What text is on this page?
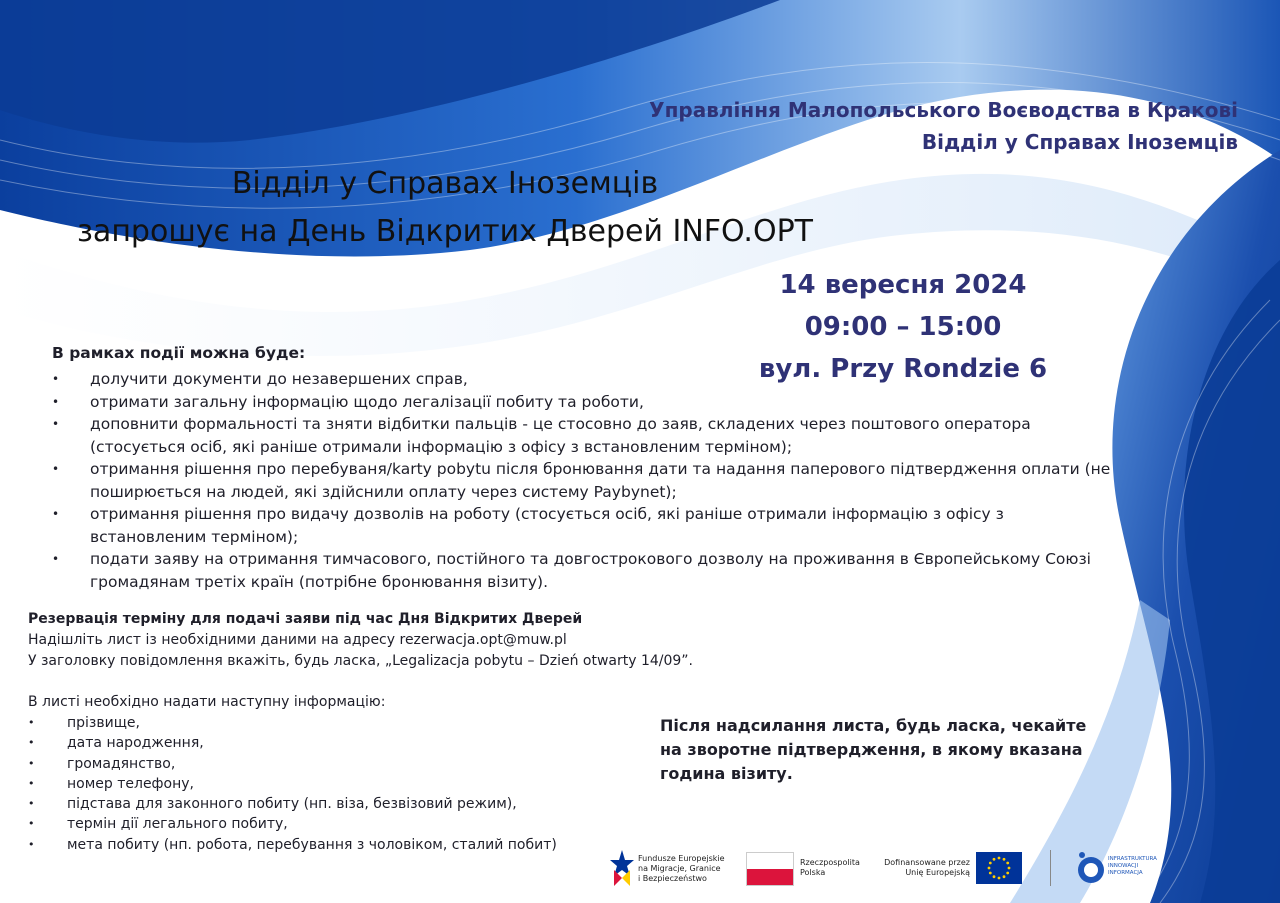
Управління Малопольського Воєводства в Кракові
Відділ у Справах Іноземців
Відділ у Справах Іноземців
запрошує на День Відкритих Дверей INFO.OPT
14 вересня 2024
09:00 – 15:00
вул. Przy Rondzie 6
В рамках події можна буде:
• долучити документи до незавершених справ,
• отримати загальну інформацію щодо легалізації побиту та роботи,
• доповнити формальності та зняти відбитки пальців - це стосовно до заяв, складених через поштового оператора (стосується осіб, які раніше отримали інформацію з офісу з встановленим терміном);
• отримання рішення про перебуваня/karty pobytu після бронювання дати та надання паперового підтвердження оплати (не поширюється на людей, які здійснили оплату через систему Paybynet);
• отримання рішення про видачу дозволів на роботу (стосується осіб, які раніше отримали інформацію з офісу з встановленим терміном);
• подати заяву на отримання тимчасового, постійного та довгострокового дозволу на проживання в Європейському Союзі громадянам третіх країн (потрібне бронювання візиту).
Резервація терміну для подачі заяви під час Дня Відкритих Дверей
Надішліть лист із необхідними даними на адресу rezerwacja.opt@muw.pl
У заголовку повідомлення вкажіть, будь ласка, „Legalizacja pobytu – Dzień otwarty 14/09”.
В листі необхідно надати наступну інформацію:
• прізвище,
• дата народження,
• громадянство,
• номер телефону,
• підстава для законного побиту (нп. віза, безвізовий режим),
• термін дії легального побиту,
• мета побиту (нп. робота, перебування з чоловіком, сталий побит)
Після надсилання листа, будь ласка, чекайте на зворотне підтвердження, в якому вказана година візиту.
Fundusze Europejskie
na Migracje, Granice
i Bezpieczeństwo
Rzeczpospolita
Polska
Dofinansowane przez
Unię Europejską
INFRASTRUKTURA
INNOWACJI
INFORMACJA
